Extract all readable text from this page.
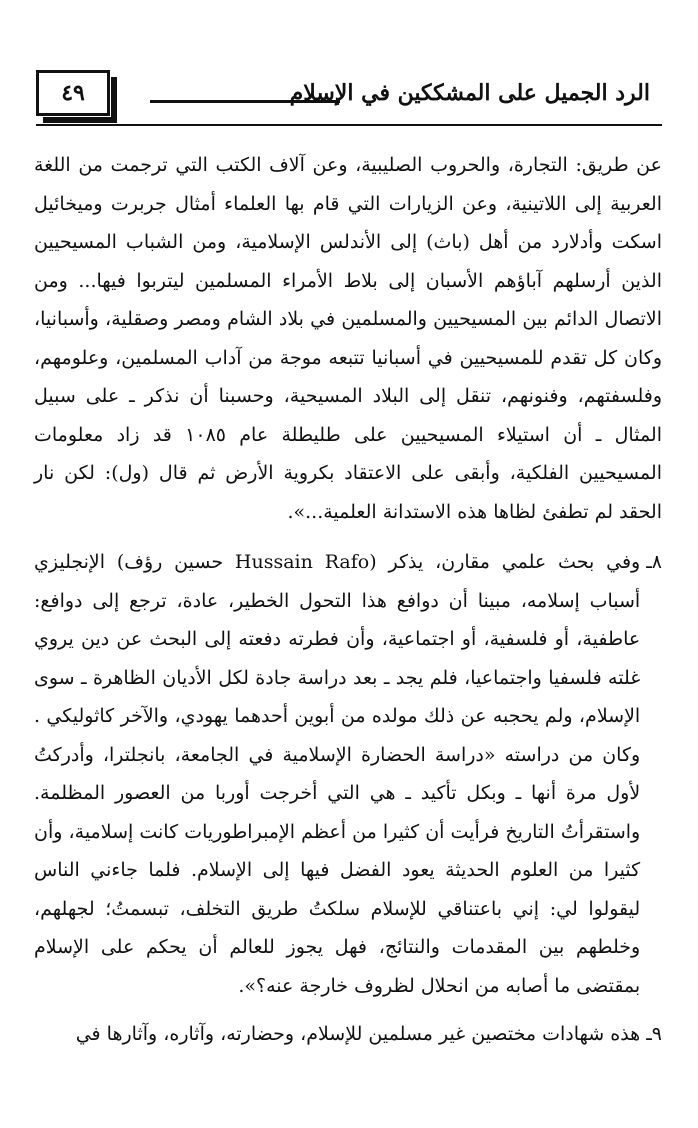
٤٩	الرد الجميل على المشككين في الإسلام

عن طريق: التجارة، والحروب الصليبية، وعن آلاف الكتب التي ترجمت من اللغة العربية إلى اللاتينية، وعن الزيارات التي قام بها العلماء أمثال جربرت وميخائيل اسكت وأدلارد من أهل (باث) إلى الأندلس الإسلامية، ومن الشباب المسيحيين الذين أرسلهم آباؤهم الأسبان إلى بلاط الأمراء المسلمين ليتربوا فيها... ومن الاتصال الدائم بين المسيحيين والمسلمين في بلاد الشام ومصر وصقلية، وأسبانيا، وكان كل تقدم للمسيحيين في أسبانيا تتبعه موجة من آداب المسلمين، وعلومهم، وفلسفتهم، وفنونهم، تنقل إلى البلاد المسيحية، وحسبنا أن نذكر ـ على سبيل المثال ـ أن استيلاء المسيحيين على طليطلة عام ١٠٨٥ قد زاد معلومات المسيحيين الفلكية، وأبقى على الاعتقاد بكروية الأرض ثم قال (ول): لكن نار الحقد لم تطفئ لظاها هذه الاستدانة العلمية...».

٨ـ
وفي بحث علمي مقارن، يذكر (Hussain Rafo حسين رؤف) الإنجليزي أسباب إسلامه، مبينا أن دوافع هذا التحول الخطير، عادة، ترجع إلى دوافع: عاطفية، أو فلسفية، أو اجتماعية، وأن فطرته دفعته إلى البحث عن دين يروي غلته فلسفيا واجتماعيا، فلم يجد ـ بعد دراسة جادة لكل الأديان الظاهرة ـ سوى الإسلام، ولم يحجبه عن ذلك مولده من أبوين أحدهما يهودي، والآخر كاثوليكي . وكان من دراسته «دراسة الحضارة الإسلامية في الجامعة، بانجلترا، وأدركتُ لأول مرة أنها ـ وبكل تأكيد ـ هي التي أخرجت أوربا من العصور المظلمة. واستقرأتُ التاريخ فرأيت أن كثيرا من أعظم الإمبراطوريات كانت إسلامية، وأن كثيرا من العلوم الحديثة يعود الفضل فيها إلى الإسلام. فلما جاءني الناس ليقولوا لي: إني باعتناقي للإسلام سلكتُ طريق التخلف، تبسمتُ؛ لجهلهم، وخلطهم بين المقدمات والنتائج، فهل يجوز للعالم أن يحكم على الإسلام بمقتضى ما أصابه من انحلال لظروف خارجة عنه؟».

٩ـ
هذه شهادات مختصين غير مسلمين للإسلام، وحضارته، وآثاره، وآثارها في
